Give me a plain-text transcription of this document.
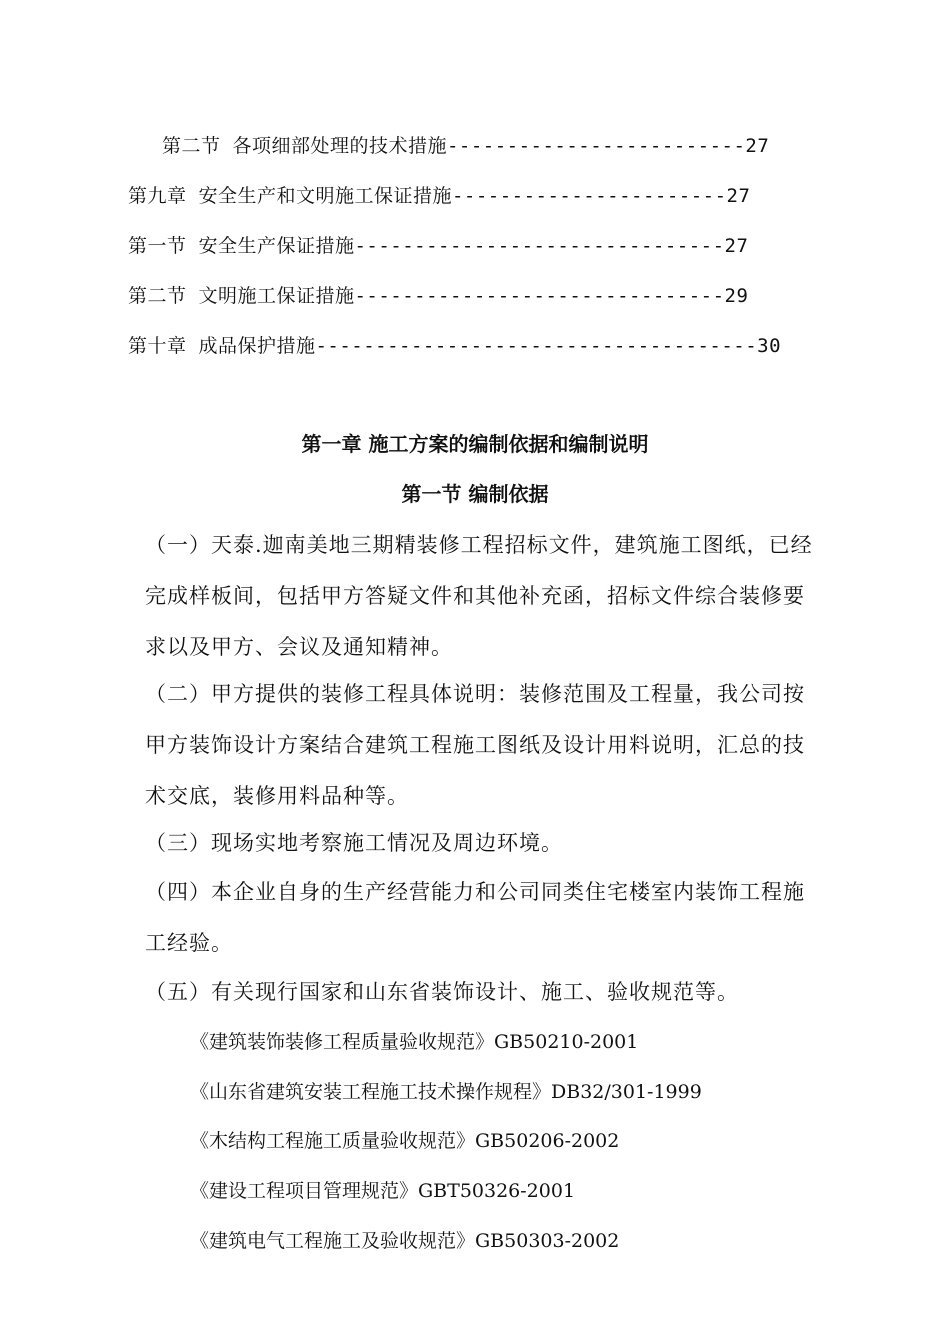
第二节 各项细部处理的技术措施-------------------------27
第九章 安全生产和文明施工保证措施-----------------------27
第一节 安全生产保证措施-------------------------------27
第二节 文明施工保证措施-------------------------------29
第十章 成品保护措施-------------------------------------30
第一章 施工方案的编制依据和编制说明
第一节 编制依据
（一）天泰.迦南美地三期精装修工程招标文件，建筑施工图纸，已经完成样板间，包括甲方答疑文件和其他补充函，招标文件综合装修要求以及甲方、会议及通知精神。
（二）甲方提供的装修工程具体说明：装修范围及工程量，我公司按甲方装饰设计方案结合建筑工程施工图纸及设计用料说明，汇总的技术交底，装修用料品种等。
（三）现场实地考察施工情况及周边环境。
（四）本企业自身的生产经营能力和公司同类住宅楼室内装饰工程施工经验。
（五）有关现行国家和山东省装饰设计、施工、验收规范等。
《建筑装饰装修工程质量验收规范》GB50210-2001
《山东省建筑安装工程施工技术操作规程》DB32/301-1999
《木结构工程施工质量验收规范》GB50206-2002
《建设工程项目管理规范》GBT50326-2001
《建筑电气工程施工及验收规范》GB50303-2002
